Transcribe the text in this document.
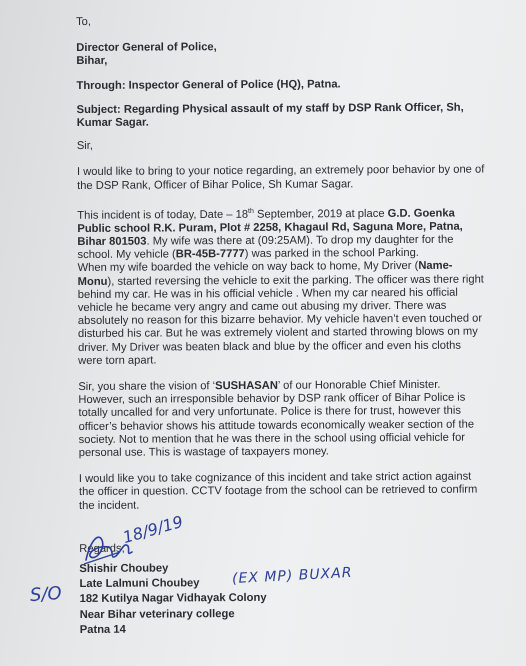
To,

Director General of Police,

Bihar,

Through: Inspector General of Police (HQ), Patna.

Subject: Regarding Physical assault of my staff by DSP Rank Officer, Sh, Kumar Sagar.

Sir,

I would like to bring to your notice regarding, an extremely poor behavior by one of the DSP Rank, Officer of Bihar Police, Sh Kumar Sagar.

This incident is of today, Date – 18th September, 2019 at place G.D. Goenka Public school R.K. Puram, Plot # 2258, Khagaul Rd, Saguna More, Patna, Bihar 801503. My wife was there at (09:25AM). To drop my daughter for the school. My vehicle (BR-45B-7777) was parked in the school Parking.

When my wife boarded the vehicle on way back to home, My Driver (Name-Monu), started reversing the vehicle to exit the parking. The officer was there right behind my car. He was in his official vehicle . When my car neared his official vehicle he became very angry and came out abusing my driver. There was absolutely no reason for this bizarre behavior. My vehicle haven’t even touched or disturbed his car. But he was extremely violent and started throwing blows on my driver. My Driver was beaten black and blue by the officer and even his cloths were torn apart.

Sir, you share the vision of ‘SUSHASAN’ of our Honorable Chief Minister. However, such an irresponsible behavior by DSP rank officer of Bihar Police is totally uncalled for and very unfortunate. Police is there for trust, however this officer’s behavior shows his attitude towards economically weaker section of the society. Not to mention that he was there in the school using official vehicle for personal use. This is wastage of taxpayers money.

I would like you to take cognizance of this incident and take strict action against the officer in question. CCTV footage from the school can be retrieved to confirm the incident.

Regards,

Shishir Choubey

Late Lalmuni Choubey

182 Kutilya Nagar Vidhayak Colony

Near Bihar veterinary college

Patna 14

18/9/19
S/O
(EX MP) BUXAR
